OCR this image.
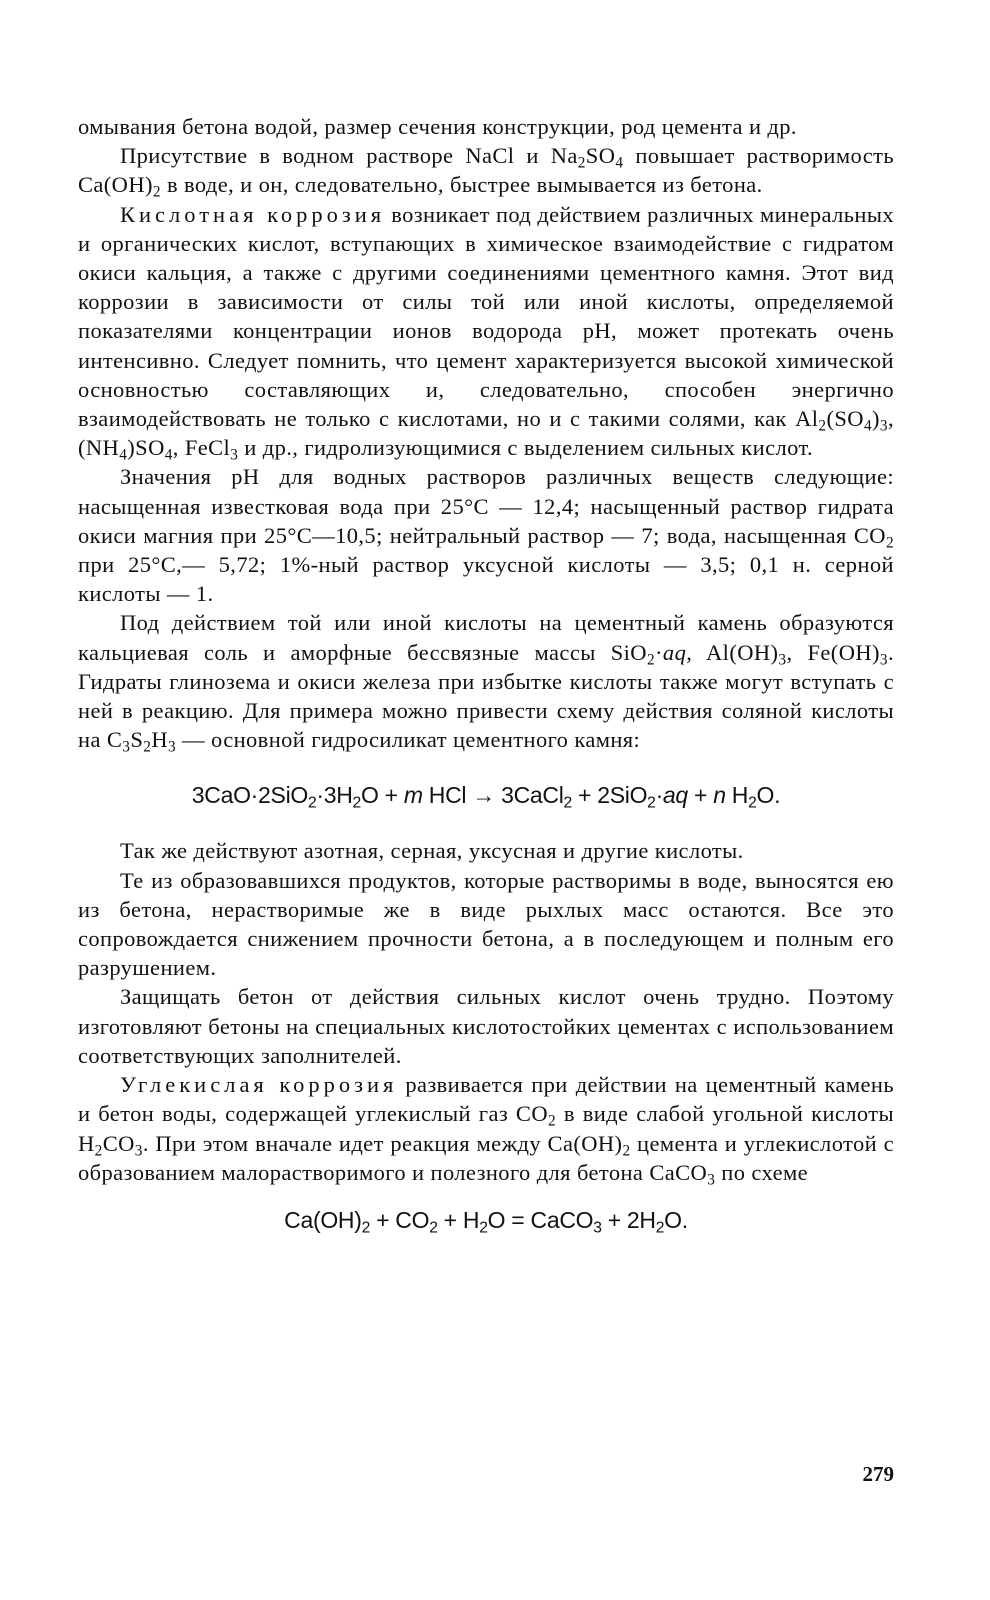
омывания бетона водой, размер сечения конструкции, род цемента и др.

Присутствие в водном растворе NaCl и $Na_2SO_4$ повышает растворимость $Ca(OH)_2$ в воде, и он, следовательно, быстрее вымывается из бетона.

Кислотная коррозия возникает под действием различных минеральных и органических кислот, вступающих в химическое взаимодействие с гидратом окиси кальция, а также с другими соединениями цементного камня. Этот вид коррозии в зависимости от силы той или иной кислоты, определяемой показателями концентрации ионов водорода pH, может протекать очень интенсивно. Следует помнить, что цемент характеризуется высокой химической основностью составляющих и, следовательно, способен энергично взаимодействовать не только с кислотами, но и с такими солями, как $Al_2(SO_4)_3$, $(NH_4)SO_4$, FeCl$_3$ и др., гидролизующимися с выделением сильных кислот.

Значения pH для водных растворов различных веществ следующие: насыщенная известковая вода при 25°C — 12,4; насыщенный раствор гидрата окиси магния при 25°C—10,5; нейтральный раствор — 7; вода, насыщенная $CO_2$ при 25°C,— 5,72; 1%-ный раствор уксусной кислоты — 3,5; 0,1 н. серной кислоты — 1.

Под действием той или иной кислоты на цементный камень образуются кальциевая соль и аморфные бессвязные массы SiO$_2$·aq, $Al(OH)_3$, $Fe(OH)_3$. Гидраты глинозема и окиси железа при избытке кислоты также могут вступать с ней в реакцию. Для примера можно привести схему действия соляной кислоты на $C_3S_2H_3$ — основной гидросиликат цементного камня:

$3CaO\cdot 2SiO_2\cdot 3H_2O + m$ HCl → 3CaCl$_2$ + 2SiO$_2$·aq + n $H_2O$.

Так же действуют азотная, серная, уксусная и другие кислоты.

Те из образовавшихся продуктов, которые растворимы в воде, выносятся ею из бетона, нерастворимые же в виде рыхлых масс остаются. Все это сопровождается снижением прочности бетона, а в последующем и полным его разрушением.

Защищать бетон от действия сильных кислот очень трудно. Поэтому изготовляют бетоны на специальных кислотостойких цементах с использованием соответствующих заполнителей.

Углекислая коррозия развивается при действии на цементный камень и бетон воды, содержащей углекислый газ $CO_2$ в виде слабой угольной кислоты $H_2CO_3$. При этом вначале идет реакция между $Ca(OH)_2$ цемента и углекислотой с образованием малорастворимого и полезного для бетона CaCO$_3$ по схеме

$Ca(OH)_2 + CO_2 + H_2O$ = CaCO$_3$ + $2H_2O$.

279
